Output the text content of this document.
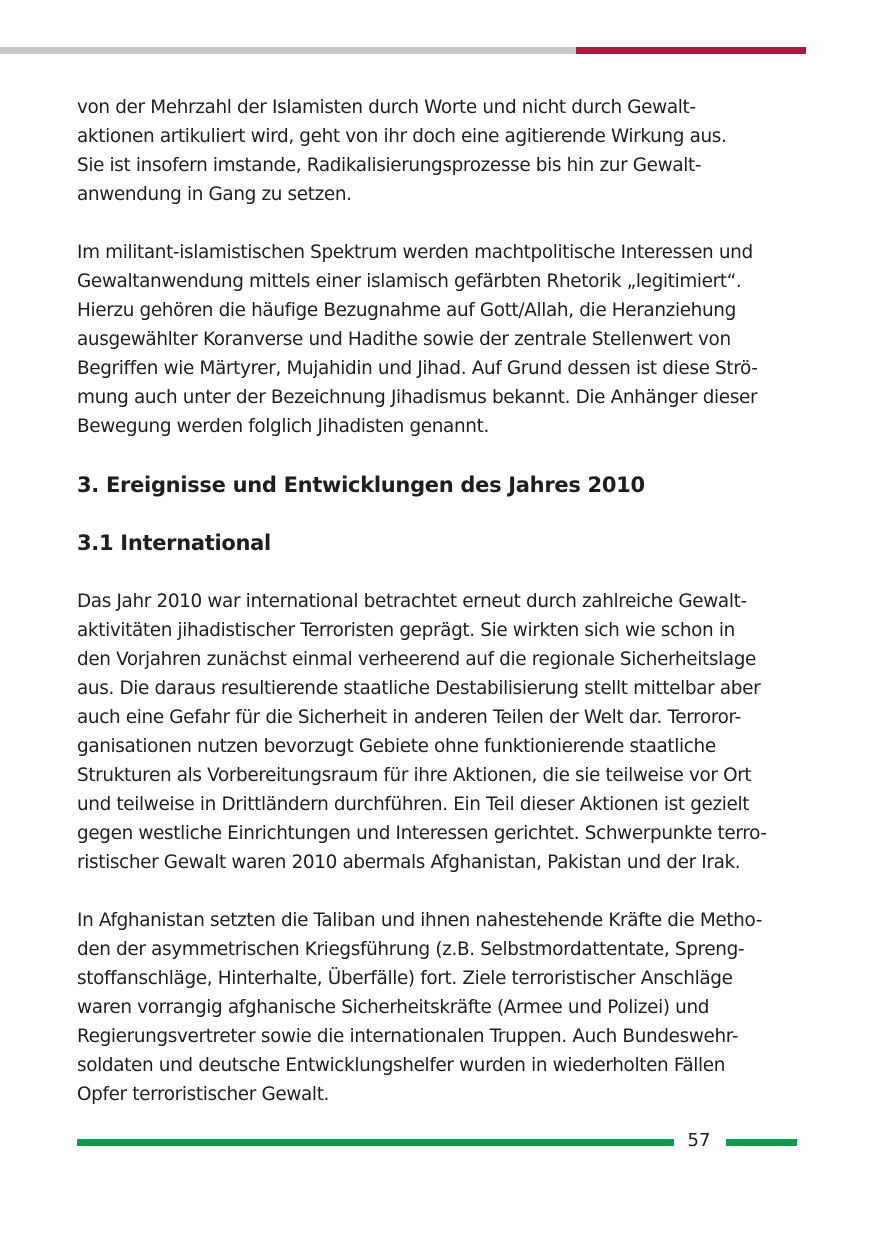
von der Mehrzahl der Islamisten durch Worte und nicht durch Gewalt-
aktionen artikuliert wird, geht von ihr doch eine agitierende Wirkung aus.
Sie ist insofern imstande, Radikalisierungsprozesse bis hin zur Gewalt-
anwendung in Gang zu setzen.

Im militant-islamistischen Spektrum werden machtpolitische Interessen und
Gewaltanwendung mittels einer islamisch gefärbten Rhetorik „legitimiert“.
Hierzu gehören die häufige Bezugnahme auf Gott/Allah, die Heranziehung
ausgewählter Koranverse und Hadithe sowie der zentrale Stellenwert von
Begriffen wie Märtyrer, Mujahidin und Jihad. Auf Grund dessen ist diese Strö-
mung auch unter der Bezeichnung Jihadismus bekannt. Die Anhänger dieser
Bewegung werden folglich Jihadisten genannt.

3. Ereignisse und Entwicklungen des Jahres 2010
3.1 International

Das Jahr 2010 war international betrachtet erneut durch zahlreiche Gewalt-
aktivitäten jihadistischer Terroristen geprägt. Sie wirkten sich wie schon in
den Vorjahren zunächst einmal verheerend auf die regionale Sicherheitslage
aus. Die daraus resultierende staatliche Destabilisierung stellt mittelbar aber
auch eine Gefahr für die Sicherheit in anderen Teilen der Welt dar. Terroror-
ganisationen nutzen bevorzugt Gebiete ohne funktionierende staatliche
Strukturen als Vorbereitungsraum für ihre Aktionen, die sie teilweise vor Ort
und teilweise in Drittländern durchführen. Ein Teil dieser Aktionen ist gezielt
gegen westliche Einrichtungen und Interessen gerichtet. Schwerpunkte terro-
ristischer Gewalt waren 2010 abermals Afghanistan, Pakistan und der Irak.

In Afghanistan setzten die Taliban und ihnen nahestehende Kräfte die Metho-
den der asymmetrischen Kriegsführung (z.B. Selbstmordattentate, Spreng-
stoffanschläge, Hinterhalte, Überfälle) fort. Ziele terroristischer Anschläge
waren vorrangig afghanische Sicherheitskräfte (Armee und Polizei) und
Regierungsvertreter sowie die internationalen Truppen. Auch Bundeswehr-
soldaten und deutsche Entwicklungshelfer wurden in wiederholten Fällen
Opfer terroristischer Gewalt.

57
